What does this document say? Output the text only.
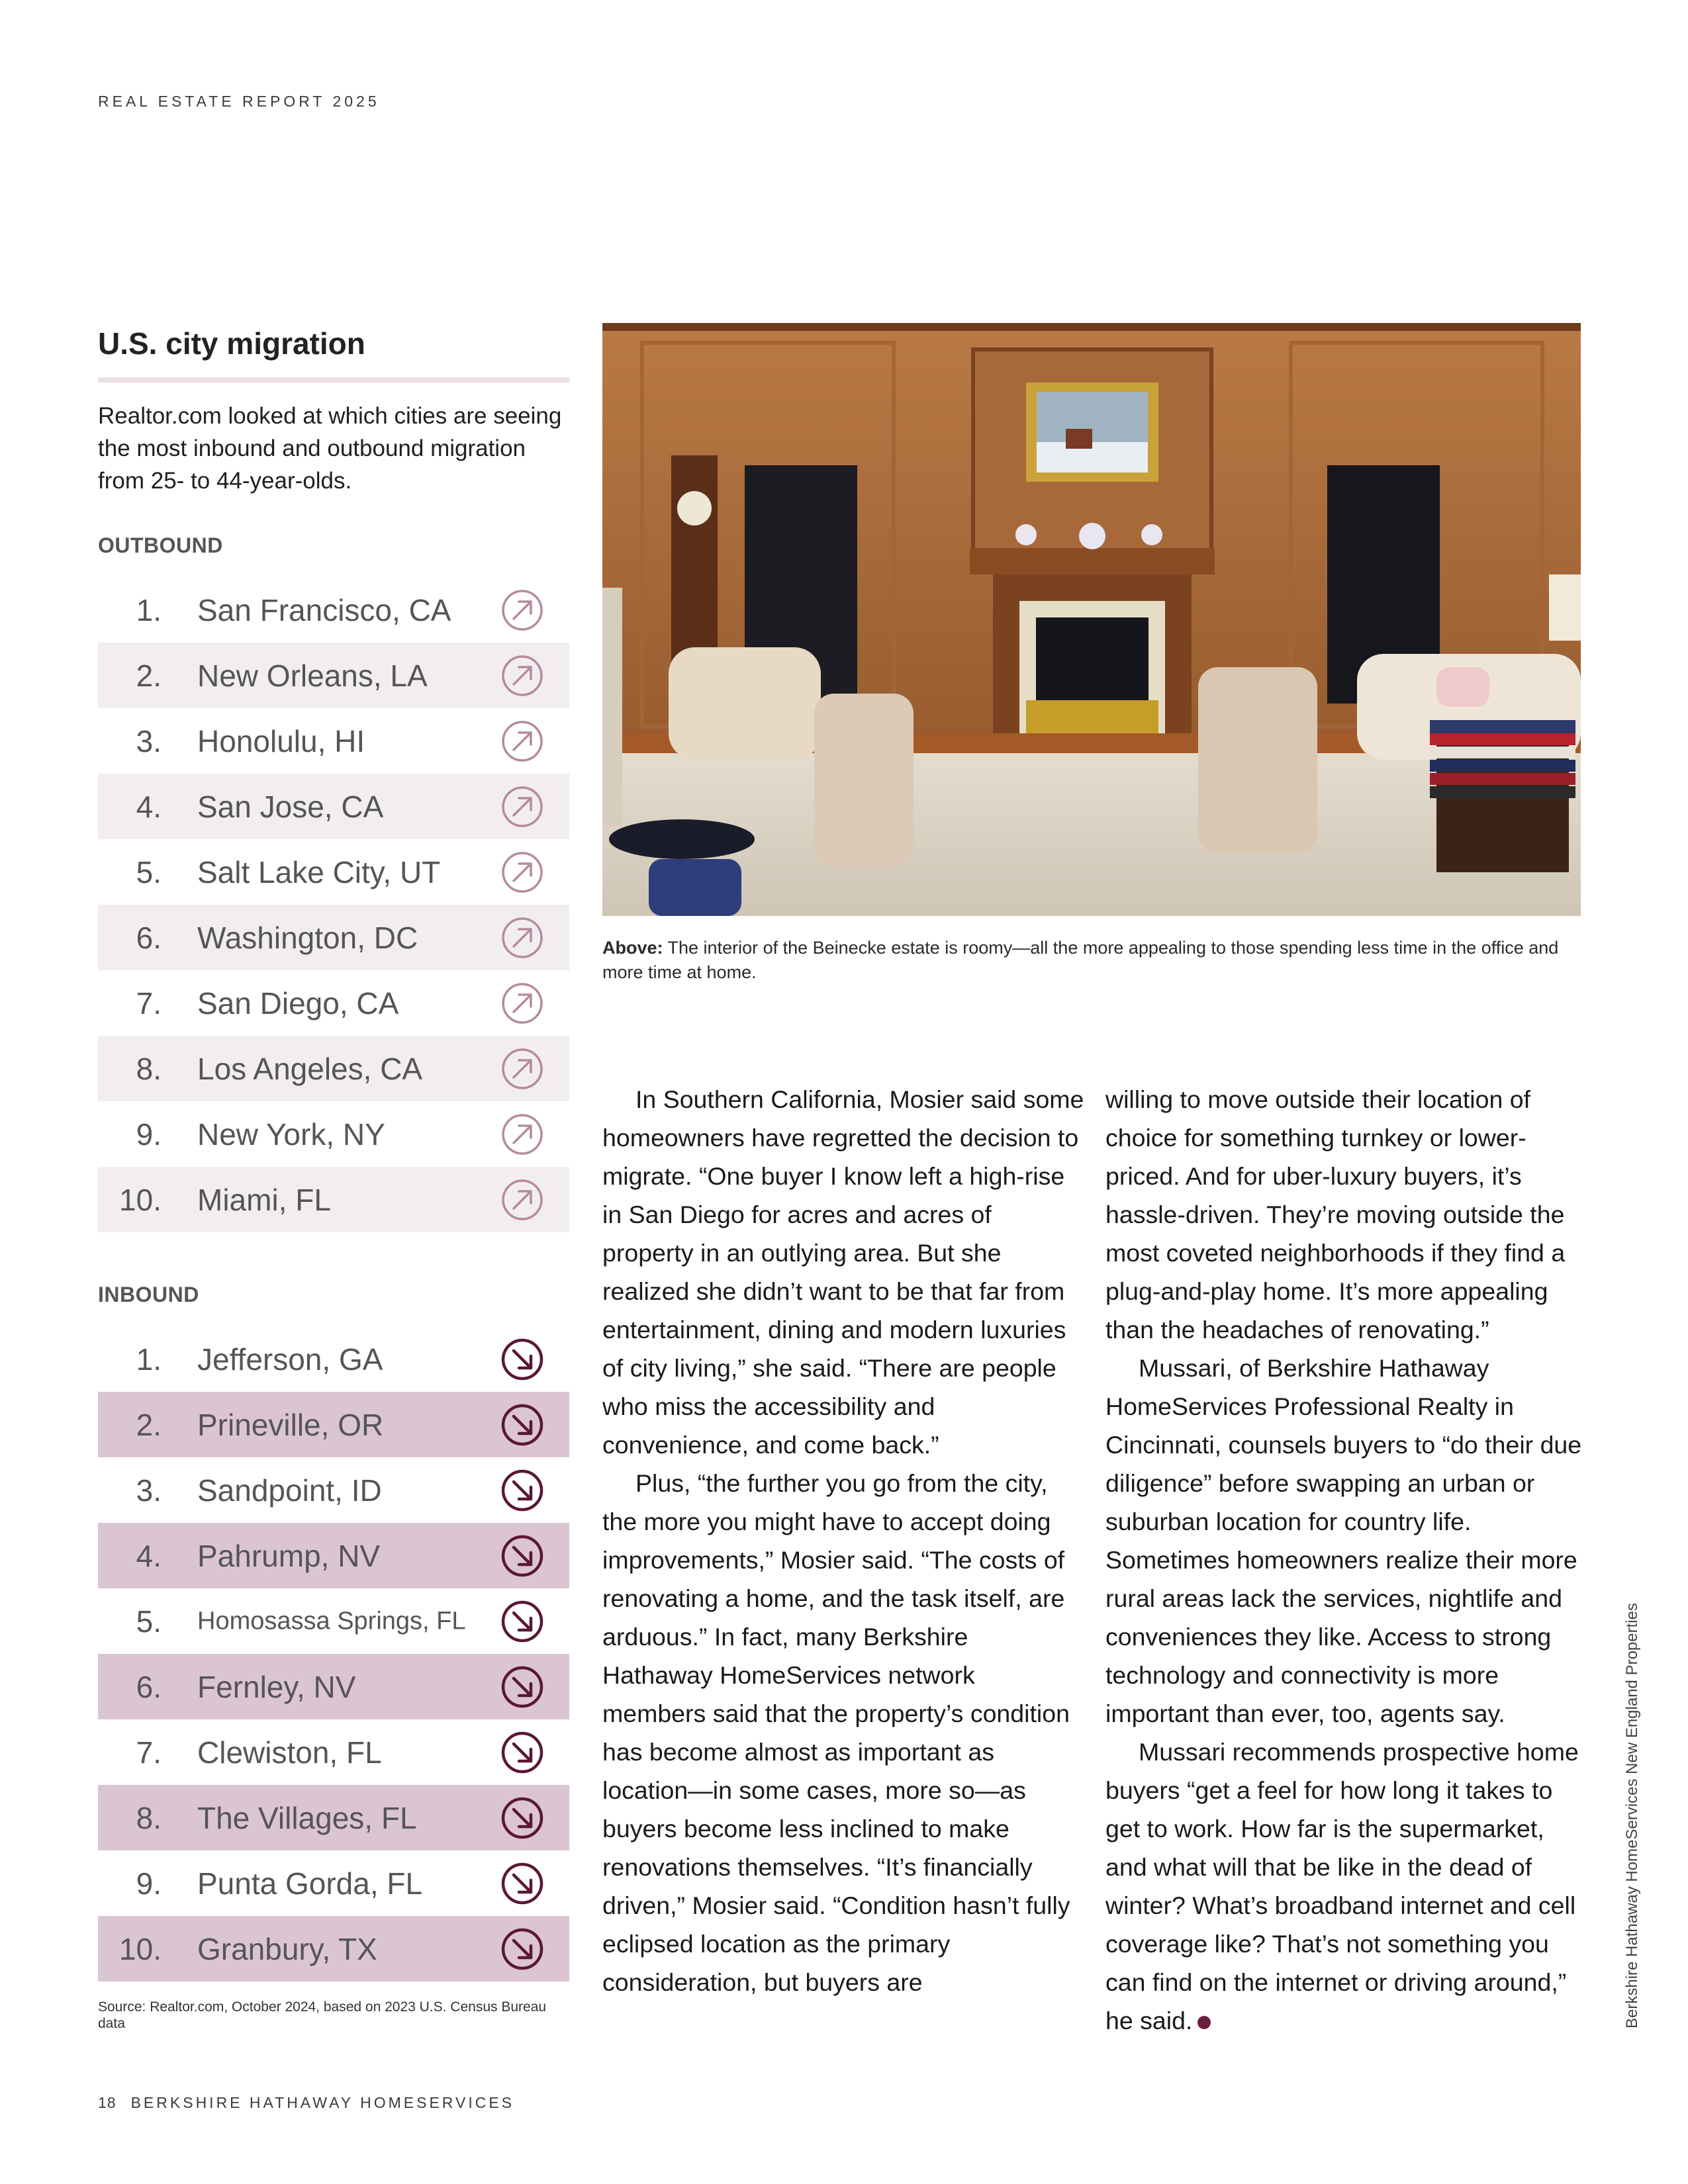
REAL ESTATE REPORT 2025
U.S. city migration
Realtor.com looked at which cities are seeing the most inbound and outbound migration from 25- to 44-year-olds.
OUTBOUND
1. San Francisco, CA
2. New Orleans, LA
3. Honolulu, HI
4. San Jose, CA
5. Salt Lake City, UT
6. Washington, DC
7. San Diego, CA
8. Los Angeles, CA
9. New York, NY
10. Miami, FL
INBOUND
1. Jefferson, GA
2. Prineville, OR
3. Sandpoint, ID
4. Pahrump, NV
5. Homosassa Springs, FL
6. Fernley, NV
7. Clewiston, FL
8. The Villages, FL
9. Punta Gorda, FL
10. Granbury, TX
Source: Realtor.com, October 2024, based on 2023 U.S. Census Bureau data
Above: The interior of the Beinecke estate is roomy—all the more appealing to those spending less time in the office and more time at home.

In Southern California, Mosier said some homeowners have regretted the decision to migrate. “One buyer I know left a high-rise in San Diego for acres and acres of property in an outlying area. But she realized she didn’t want to be that far from entertainment, dining and modern luxuries of city living,” she said. “There are people who miss the accessibility and convenience, and come back.”

Plus, “the further you go from the city, the more you might have to accept doing improvements,” Mosier said. “The costs of renovating a home, and the task itself, are arduous.” In fact, many Berkshire Hathaway HomeServices network members said that the property’s condition has become almost as important as location—in some cases, more so—as buyers become less inclined to make renovations themselves. “It’s financially driven,” Mosier said. “Condition hasn’t fully eclipsed location as the primary consideration, but buyers are

willing to move outside their location of choice for something turnkey or lower-priced. And for uber-luxury buyers, it’s hassle-driven. They’re moving outside the most coveted neighborhoods if they find a plug-and-play home. It’s more appealing than the headaches of renovating.”

Mussari, of Berkshire Hathaway HomeServices Professional Realty in Cincinnati, counsels buyers to “do their due diligence” before swapping an urban or suburban location for country life. Sometimes homeowners realize their more rural areas lack the services, nightlife and conveniences they like. Access to strong technology and connectivity is more important than ever, too, agents say.

Mussari recommends prospective home buyers “get a feel for how long it takes to get to work. How far is the supermarket, and what will that be like in the dead of winter? What’s broadband internet and cell coverage like? That’s not something you can find on the internet or driving around,” he said.	Berkshire Hathaway HomeServices New England Properties
18 BERKSHIRE HATHAWAY HOMESERVICES
